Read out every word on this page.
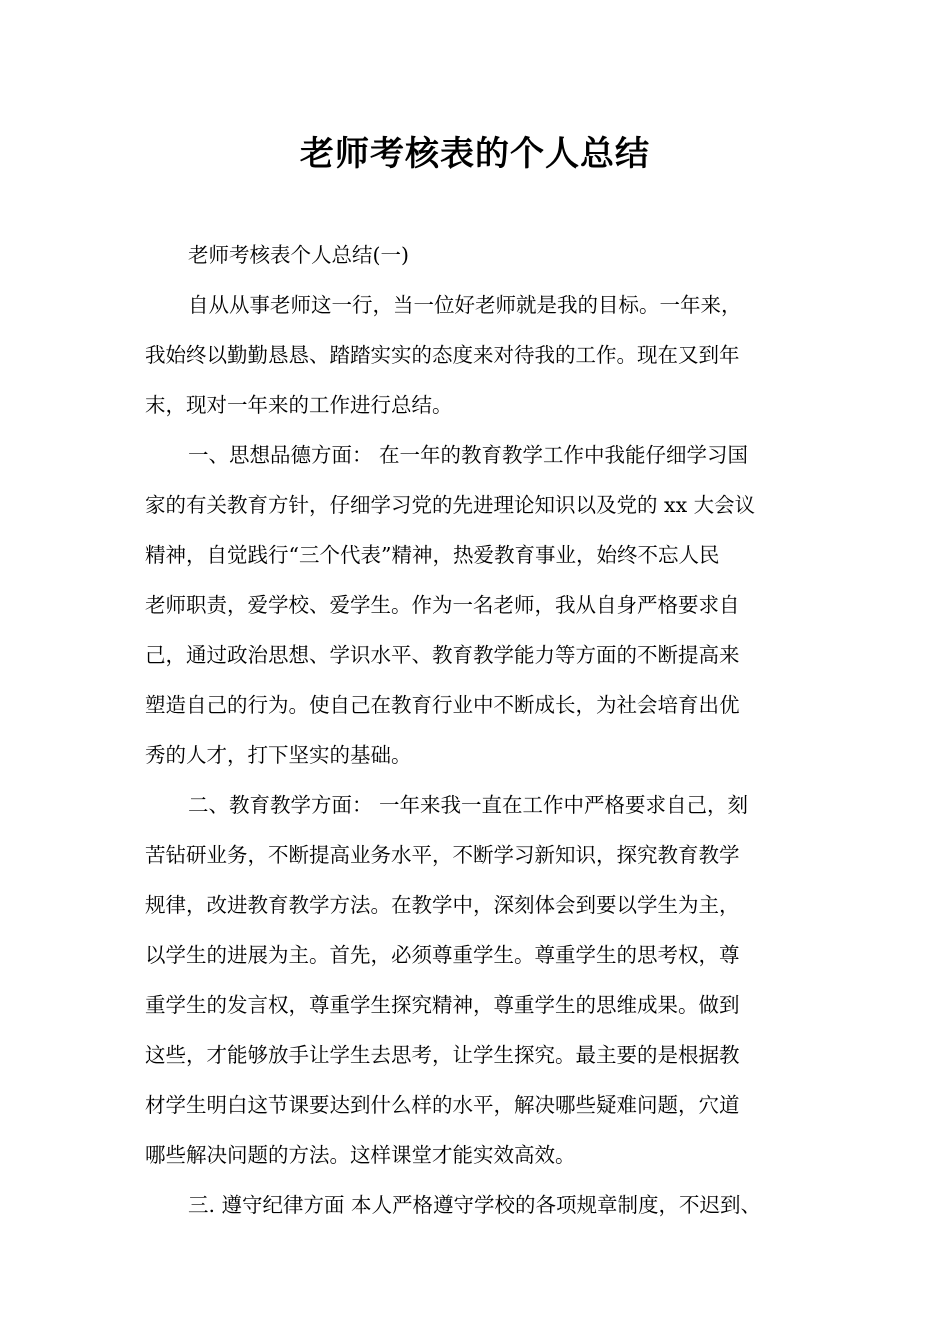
老师考核表的个人总结
老师考核表个人总结(一)
自从从事老师这一行，当一位好老师就是我的目标。一年来，
我始终以勤勤恳恳、踏踏实实的态度来对待我的工作。现在又到年
末，现对一年来的工作进行总结。
一、思想品德方面： 在一年的教育教学工作中我能仔细学习国
家的有关教育方针，仔细学习党的先进理论知识以及党的 xx 大会议
精神，自觉践行“三个代表”精神，热爱教育事业，始终不忘人民
老师职责，爱学校、爱学生。作为一名老师，我从自身严格要求自
己，通过政治思想、学识水平、教育教学能力等方面的不断提高来
塑造自己的行为。使自己在教育行业中不断成长，为社会培育出优
秀的人才，打下坚实的基础。
二、教育教学方面： 一年来我一直在工作中严格要求自己，刻
苦钻研业务，不断提高业务水平，不断学习新知识，探究教育教学
规律，改进教育教学方法。在教学中，深刻体会到要以学生为主，
以学生的进展为主。首先，必须尊重学生。尊重学生的思考权，尊
重学生的发言权，尊重学生探究精神，尊重学生的思维成果。做到
这些，才能够放手让学生去思考，让学生探究。最主要的是根据教
材学生明白这节课要达到什么样的水平，解决哪些疑难问题，穴道
哪些解决问题的方法。这样课堂才能实效高效。
三. 遵守纪律方面 本人严格遵守学校的各项规章制度，不迟到、
